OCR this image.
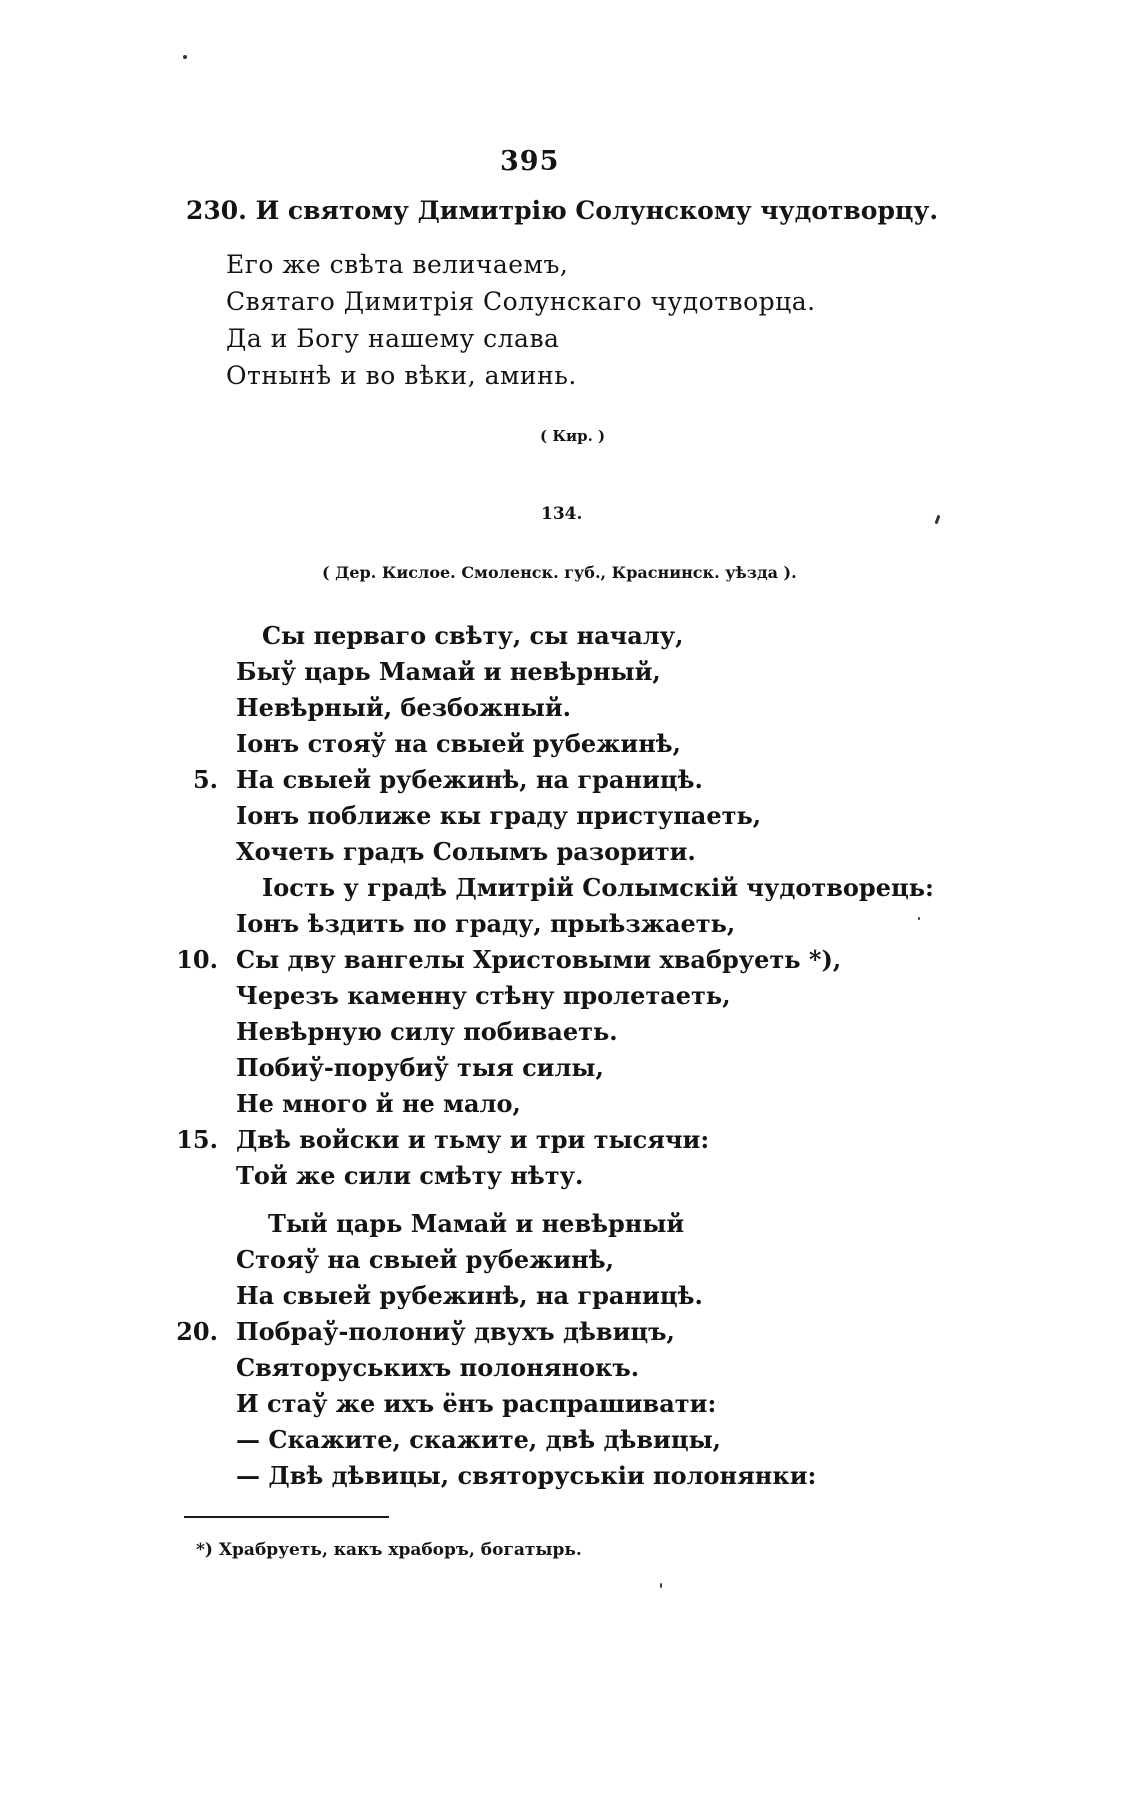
395
230. И святому Димитрію Солунскому чудотворцу.
Его же свѣта величаемъ,
Святаго Димитрія Солунскаго чудотворца.
Да и Богу нашему слава
Отнынѣ и во вѣки, аминь.
( Кир. )
134.
( Дер. Кислое. Смоленск. губ., Краснинск. уѣзда ).
Сы перваго свѣту, сы началу,
Быў царь Мамай и невѣрный,
Невѣрный, безбожный.
Іонъ стояў на свыей рубежинѣ,
5. На свыей рубежинѣ, на границѣ.
Іонъ поближе кы граду приступаеть,
Хочеть градъ Солымъ разорити.
Іость у градѣ Дмитрій Солымскій чудотворець:
Іонъ ѣздить по граду, прыѣзжаеть,
10. Сы дву вангелы Христовыми хвабруеть *),
Черезъ каменну стѣну пролетаеть,
Невѣрную силу побиваеть.
Побиў-порубиў тыя силы,
Не много й не мало,
15. Двѣ войски и тьму и три тысячи:
Той же сили смѣту нѣту.
Тый царь Мамай и невѣрный
Стояў на свыей рубежинѣ,
На свыей рубежинѣ, на границѣ.
20. Побраў-полониў двухъ дѣвицъ,
Святоруськихъ полонянокъ.
И стаў же ихъ ёнъ распрашивати:
— Скажите, скажите, двѣ дѣвицы,
— Двѣ дѣвицы, святоруськіи полонянки:
*) Храбруеть, какъ храборъ, богатырь.
